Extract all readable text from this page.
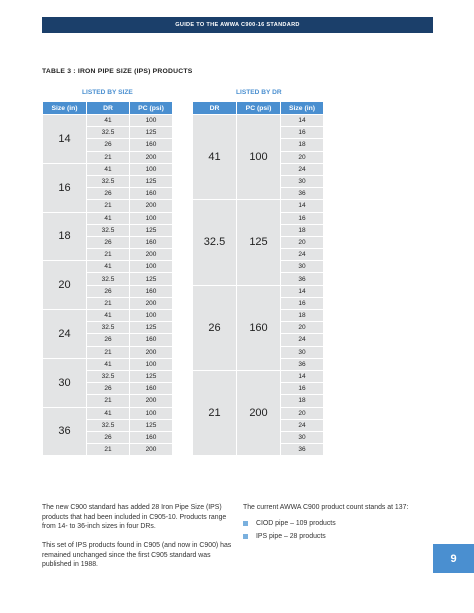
GUIDE TO THE AWWA C900-16 STANDARD
TABLE 3 : IRON PIPE SIZE (IPS) PRODUCTS
LISTED BY SIZE	LISTED BY DR
Size (in)	DR	PC (psi)
14	41	100
	32.5	125
	26	160
	21	200
16	41	100
	32.5	125
	26	160
	21	200
18	41	100
	32.5	125
	26	160
	21	200
20	41	100
	32.5	125
	26	160
	21	200
24	41	100
	32.5	125
	26	160
	21	200
30	41	100
	32.5	125
	26	160
	21	200
36	41	100
	32.5	125
	26	160
	21	200
DR	PC (psi)	Size (in)
41	100	14
		16
		18
		20
		24
		30
		36
32.5	125	14
		16
		18
		20
		24
		30
		36
26	160	14
		16
		18
		20
		24
		30
		36
21	200	14
		16
		18
		20
		24
		30
		36

The new C900 standard has added 28 Iron Pipe Size (IPS) products that had been included in C905-10. Products range from 14- to 36-inch sizes in four DRs.

This set of IPS products found in C905 (and now in C900) has remained unchanged since the first C905 standard was published in 1988.

The current AWWA C900 product count stands at 137:

CIOD pipe – 109 products
IPS pipe – 28 products
9
